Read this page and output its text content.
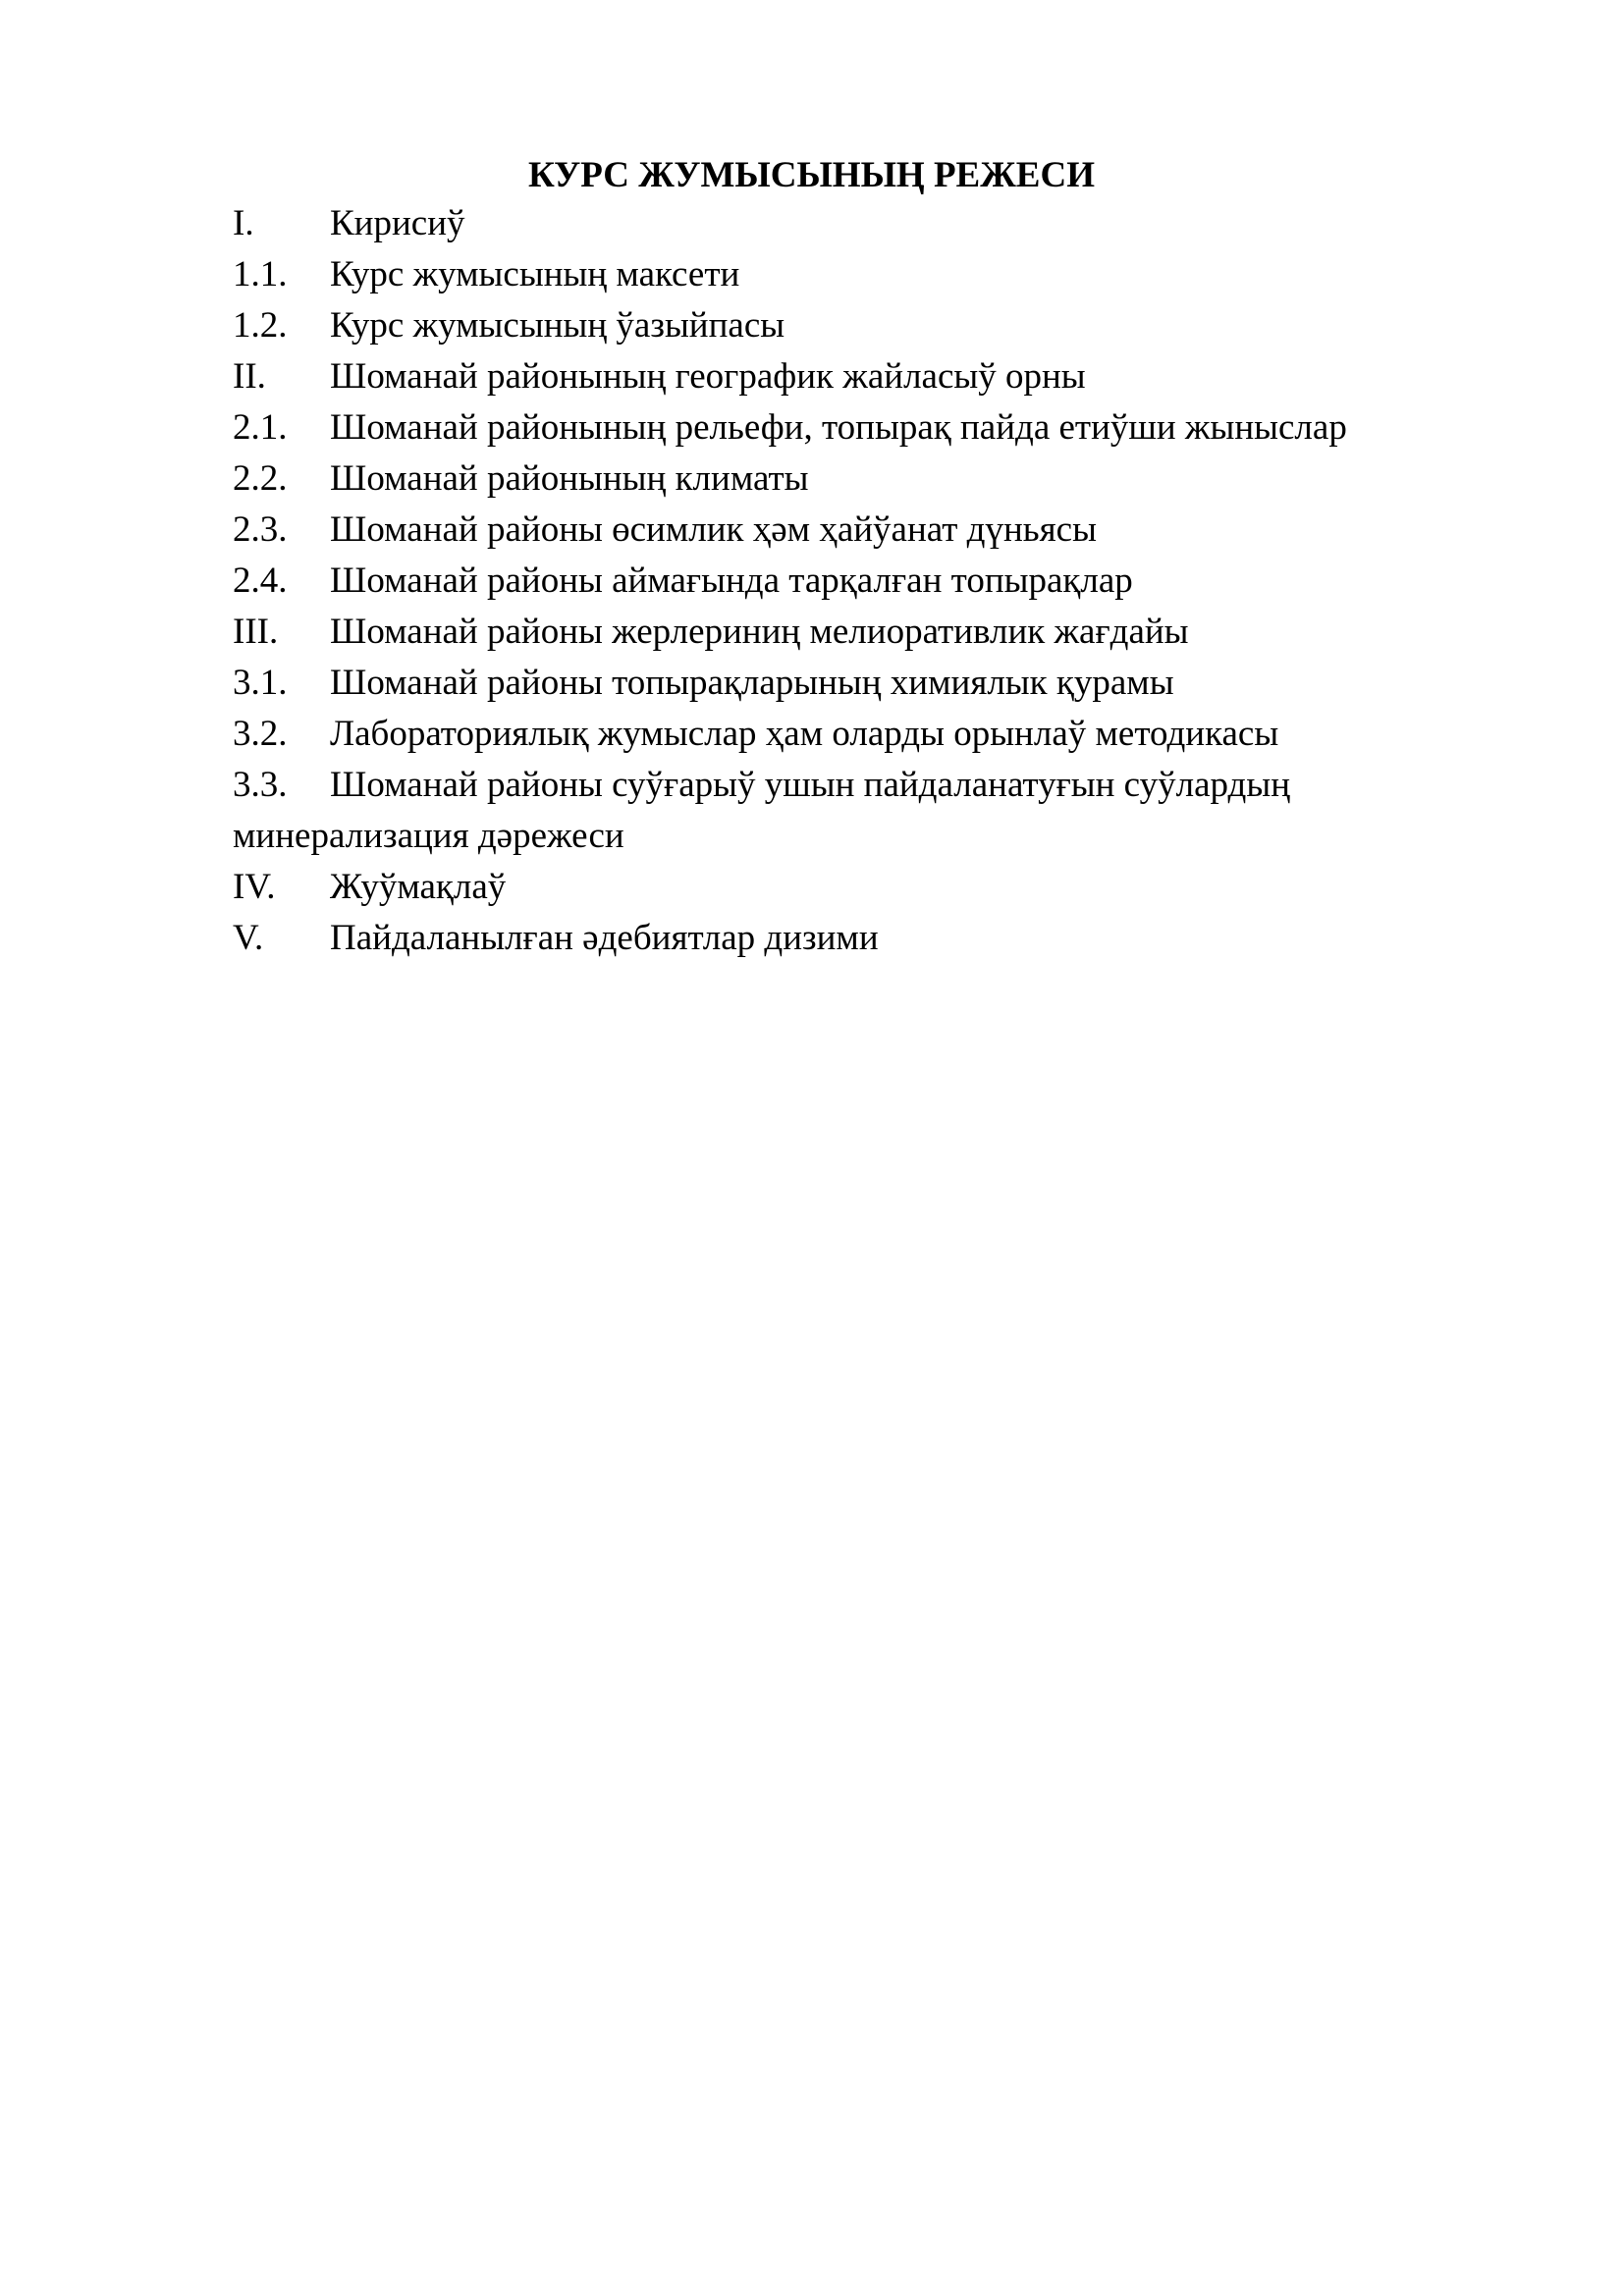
КУРС ЖУМЫСЫНЫҢ РЕЖЕСИ
I. Кирисиў
1.1. Курс жумысының максети
1.2. Курс жумысының ўазыйпасы
II. Шоманай районының географик жайласыў орны
2.1. Шоманай районының рельефи, топырақ пайда етиўши жыныслар
2.2. Шоманай районының климаты
2.3. Шоманай районы өсимлик ҳәм ҳайўанат дүньясы
2.4. Шоманай районы аймағында тарқалған топырақлар
III. Шоманай районы жерлериниң мелиоративлик жағдайы
3.1. Шоманай районы топырақларының химиялык қурамы
3.2. Лабораториялық жумыслар ҳам оларды орынлаў методикасы
3.3. Шоманай районы суўғарыў ушын пайдаланатуғын суўлардың
минерализация дәрежеси
IV. Жуўмақлаў
V. Пайдаланылған әдебиятлар дизими
